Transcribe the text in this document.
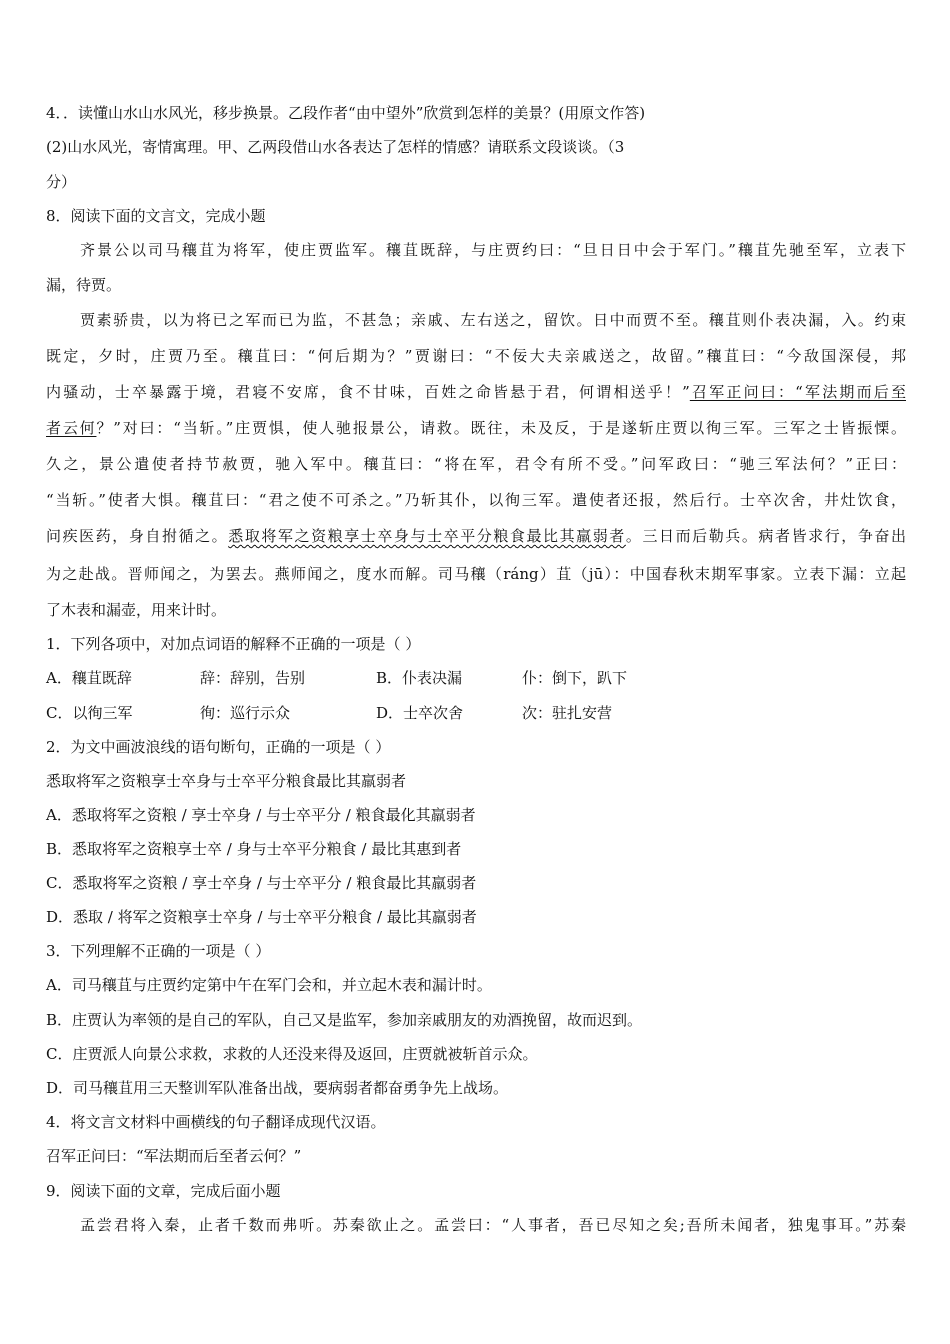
4．．读懂山水山水风光，移步换景。乙段作者“由中望外”欣赏到怎样的美景？(用原文作答)
(2)山水风光，寄情寓理。甲、乙两段借山水各表达了怎样的情感？请联系文段谈谈。（3
分）
8．阅读下面的文言文，完成小题
齐景公以司马穰苴为将军，使庄贾监军。穰苴既辞，与庄贾约曰：“旦日日中会于军门。”穰苴先驰至军，立表下
漏，待贾。
贾素骄贵，以为将已之军而已为监，不甚急；亲戚、左右送之，留饮。日中而贾不至。穰苴则仆表决漏，入。约束
既定，夕时，庄贾乃至。穰苴曰：“何后期为？”贾谢曰：“不佞大夫亲戚送之，故留。”穰苴曰：“今敌国深侵，邦
内骚动，士卒暴露于境，君寝不安席，食不甘味，百姓之命皆悬于君，何谓相送乎！”召军正问曰：“军法期而后至
者云何？”对曰：“当斩。”庄贾惧，使人驰报景公，请救。既往，未及反，于是遂斩庄贾以徇三军。三军之士皆振慄。
久之，景公遣使者持节赦贾，驰入军中。穰苴曰：“将在军，君令有所不受。”问军政曰：“驰三军法何？”正曰：
“当斩。”使者大惧。穰苴曰：“君之使不可杀之。”乃斩其仆，以徇三军。遣使者还报，然后行。士卒次舍，井灶饮食，
问疾医药，身自拊循之。悉取将军之资粮享士卒身与士卒平分粮食最比其羸弱者。三日而后勒兵。病者皆求行，争奋出
为之赴战。晋师闻之，为罢去。燕师闻之，度水而解。司马穰（ráng）苴（jū）：中国春秋末期军事家。立表下漏：立起
了木表和漏壶，用来计时。
1．下列各项中，对加点词语的解释不正确的一项是（ ）
A．穰苴既辞	辞：辞别，告别	B．仆表决漏	仆：倒下，趴下
C．以徇三军	徇：巡行示众	D．士卒次舍	次：驻扎安营
2．为文中画波浪线的语句断句，正确的一项是（ ）
悉取将军之资粮享士卒身与士卒平分粮食最比其羸弱者
A．悉取将军之资粮 / 享士卒身 / 与士卒平分 / 粮食最化其羸弱者
B．悉取将军之资粮享士卒 / 身与士卒平分粮食 / 最比其惠到者
C．悉取将军之资粮 / 享士卒身 / 与士卒平分 / 粮食最比其羸弱者
D．悉取 / 将军之资粮享士卒身 / 与士卒平分粮食 / 最比其羸弱者
3．下列理解不正确的一项是（ ）
A．司马穰苴与庄贾约定第中午在军门会和，并立起木表和漏计时。
B．庄贾认为率领的是自己的军队，自己又是监军，参加亲戚朋友的劝酒挽留，故而迟到。
C．庄贾派人向景公求救，求救的人还没来得及返回，庄贾就被斩首示众。
D．司马穰苴用三天整训军队准备出战，要病弱者都奋勇争先上战场。
4．将文言文材料中画横线的句子翻译成现代汉语。
召军正问曰：“军法期而后至者云何？”
9．阅读下面的文章，完成后面小题
孟尝君将入秦，止者千数而弗听。苏秦欲止之。孟尝曰：“人事者，吾已尽知之矣;吾所未闻者，独鬼事耳。”苏秦
